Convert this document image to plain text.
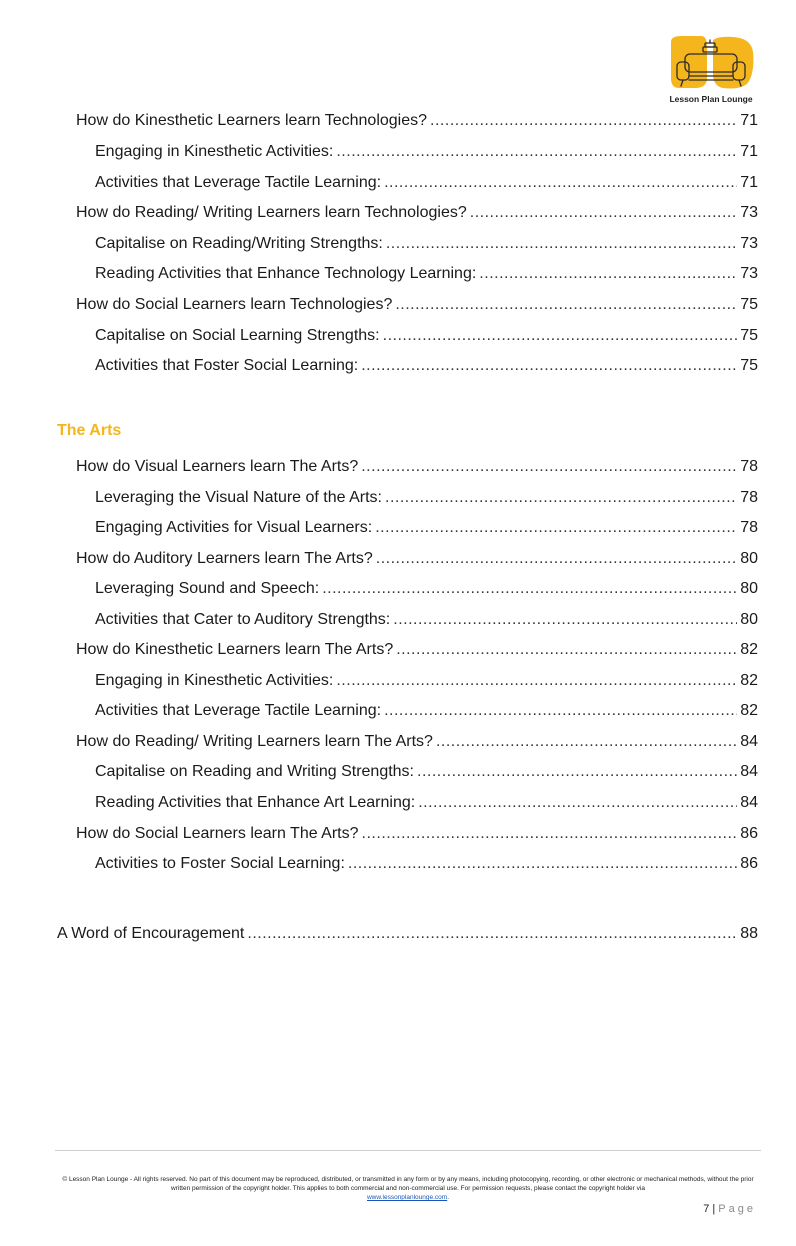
Lesson Plan Lounge
How do Kinesthetic Learners learn Technologies? .....	71
Engaging in Kinesthetic Activities: .....	71
Activities that Leverage Tactile Learning: .....	71
How do Reading/ Writing Learners learn Technologies? .....	73
Capitalise on Reading/Writing Strengths: .....	73
Reading Activities that Enhance Technology Learning: .....	73
How do Social Learners learn Technologies? .....	75
Capitalise on Social Learning Strengths: .....	75
Activities that Foster Social Learning: .....	75
How do Visual Learners learn The Arts? .....	78
Leveraging the Visual Nature of the Arts: .....	78
Engaging Activities for Visual Learners: .....	78
How do Auditory Learners learn The Arts? .....	80
Leveraging Sound and Speech: .....	80
Activities that Cater to Auditory Strengths: .....	80
How do Kinesthetic Learners learn The Arts? .....	82
Engaging in Kinesthetic Activities: .....	82
Activities that Leverage Tactile Learning: .....	82
How do Reading/ Writing Learners learn The Arts? .....	84
Capitalise on Reading and Writing Strengths: .....	84
Reading Activities that Enhance Art Learning: .....	84
How do Social Learners learn The Arts? .....	86
Activities to Foster Social Learning: .....	86
A Word of Encouragement .....	88
The Arts
© Lesson Plan Lounge - All rights reserved. No part of this document may be reproduced, distributed, or transmitted in any form or by any means, including photocopying, recording, or other electronic or mechanical methods, without the prior written permission of the copyright holder. This applies to both commercial and non-commercial use. For permission requests, please contact the copyright holder via
www.lessonplanlounge.com.
7 | Page
